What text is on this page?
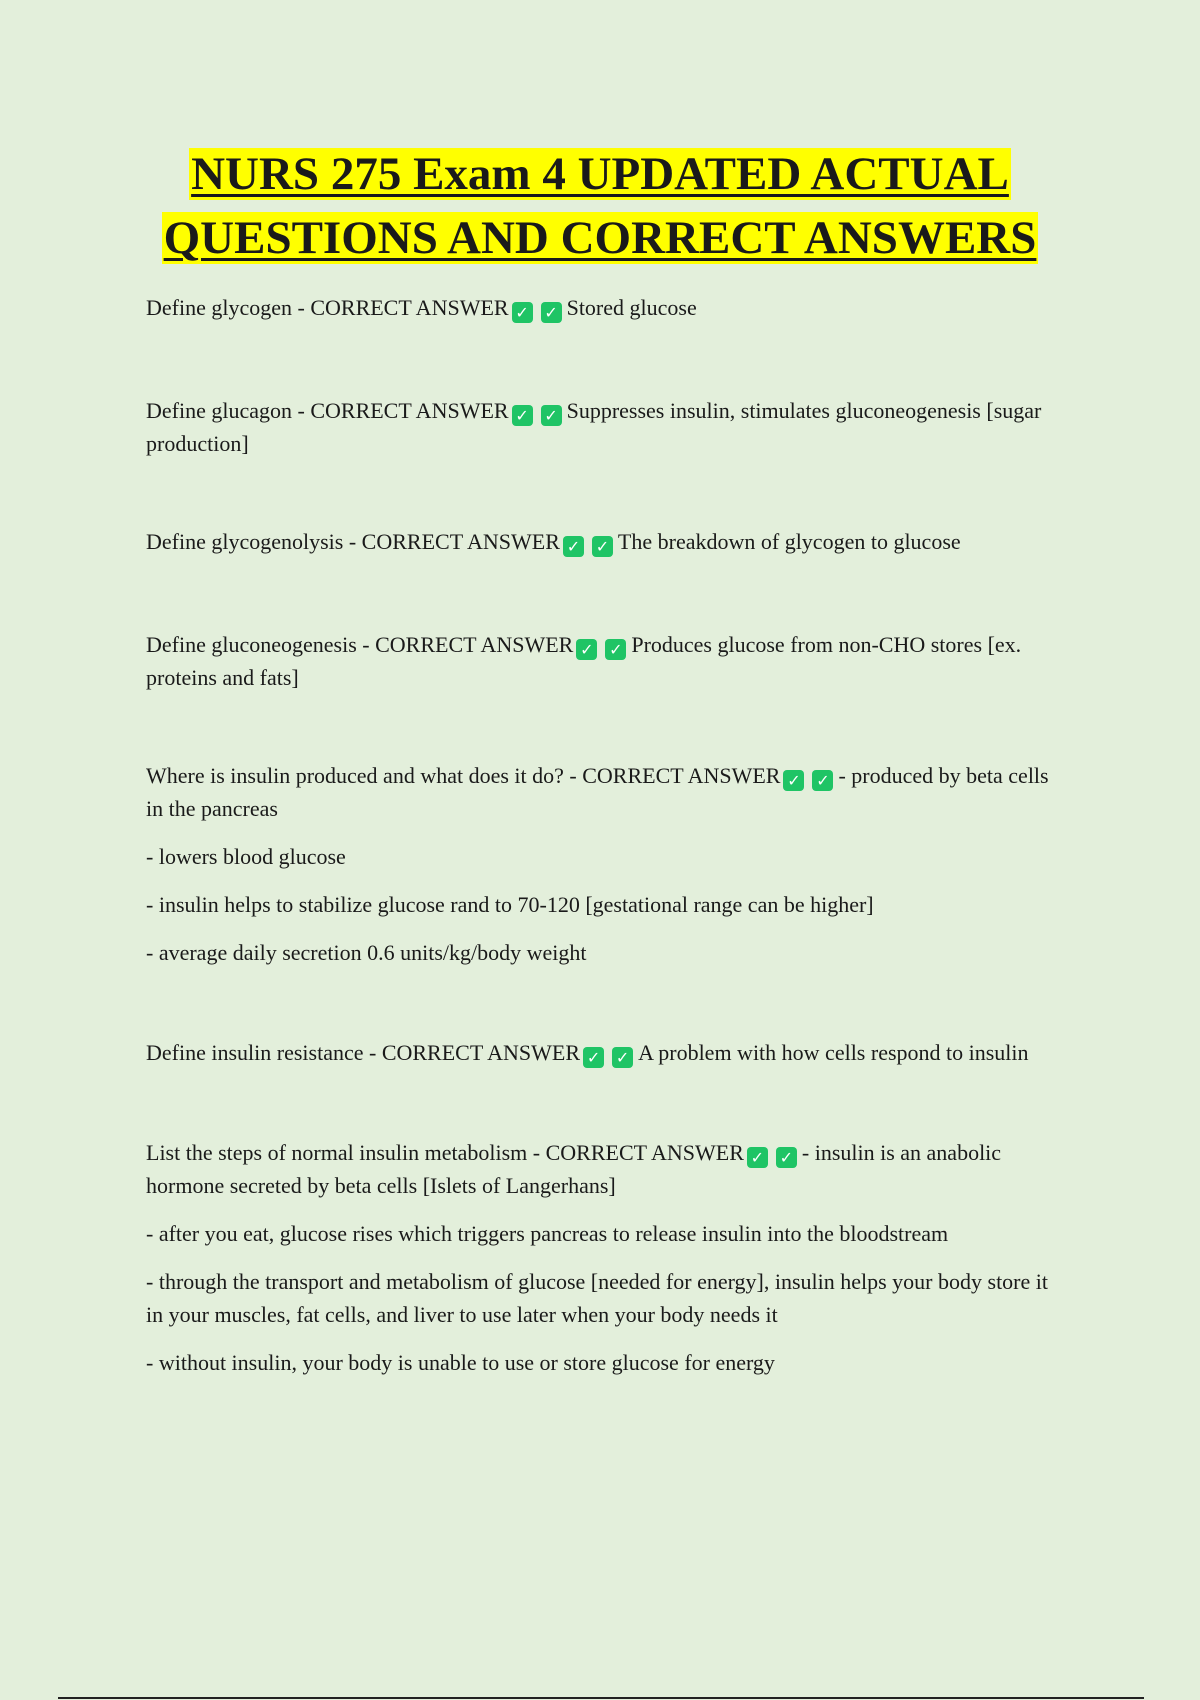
NURS 275 Exam 4 UPDATED ACTUAL
QUESTIONS AND CORRECT ANSWERS

Define glycogen - CORRECT ANSWER ✓ ✓ Stored glucose

Define glucagon - CORRECT ANSWER ✓ ✓ Suppresses insulin, stimulates gluconeogenesis [sugar production]

Define glycogenolysis - CORRECT ANSWER ✓ ✓ The breakdown of glycogen to glucose

Define gluconeogenesis - CORRECT ANSWER ✓ ✓ Produces glucose from non-CHO stores [ex. proteins and fats]

Where is insulin produced and what does it do? - CORRECT ANSWER ✓ ✓ - produced by beta cells in the pancreas

- lowers blood glucose

- insulin helps to stabilize glucose rand to 70-120 [gestational range can be higher]

- average daily secretion 0.6 units/kg/body weight

Define insulin resistance - CORRECT ANSWER ✓ ✓ A problem with how cells respond to insulin

List the steps of normal insulin metabolism - CORRECT ANSWER ✓ ✓ - insulin is an anabolic hormone secreted by beta cells [Islets of Langerhans]

- after you eat, glucose rises which triggers pancreas to release insulin into the bloodstream

- through the transport and metabolism of glucose [needed for energy], insulin helps your body store it in your muscles, fat cells, and liver to use later when your body needs it

- without insulin, your body is unable to use or store glucose for energy
